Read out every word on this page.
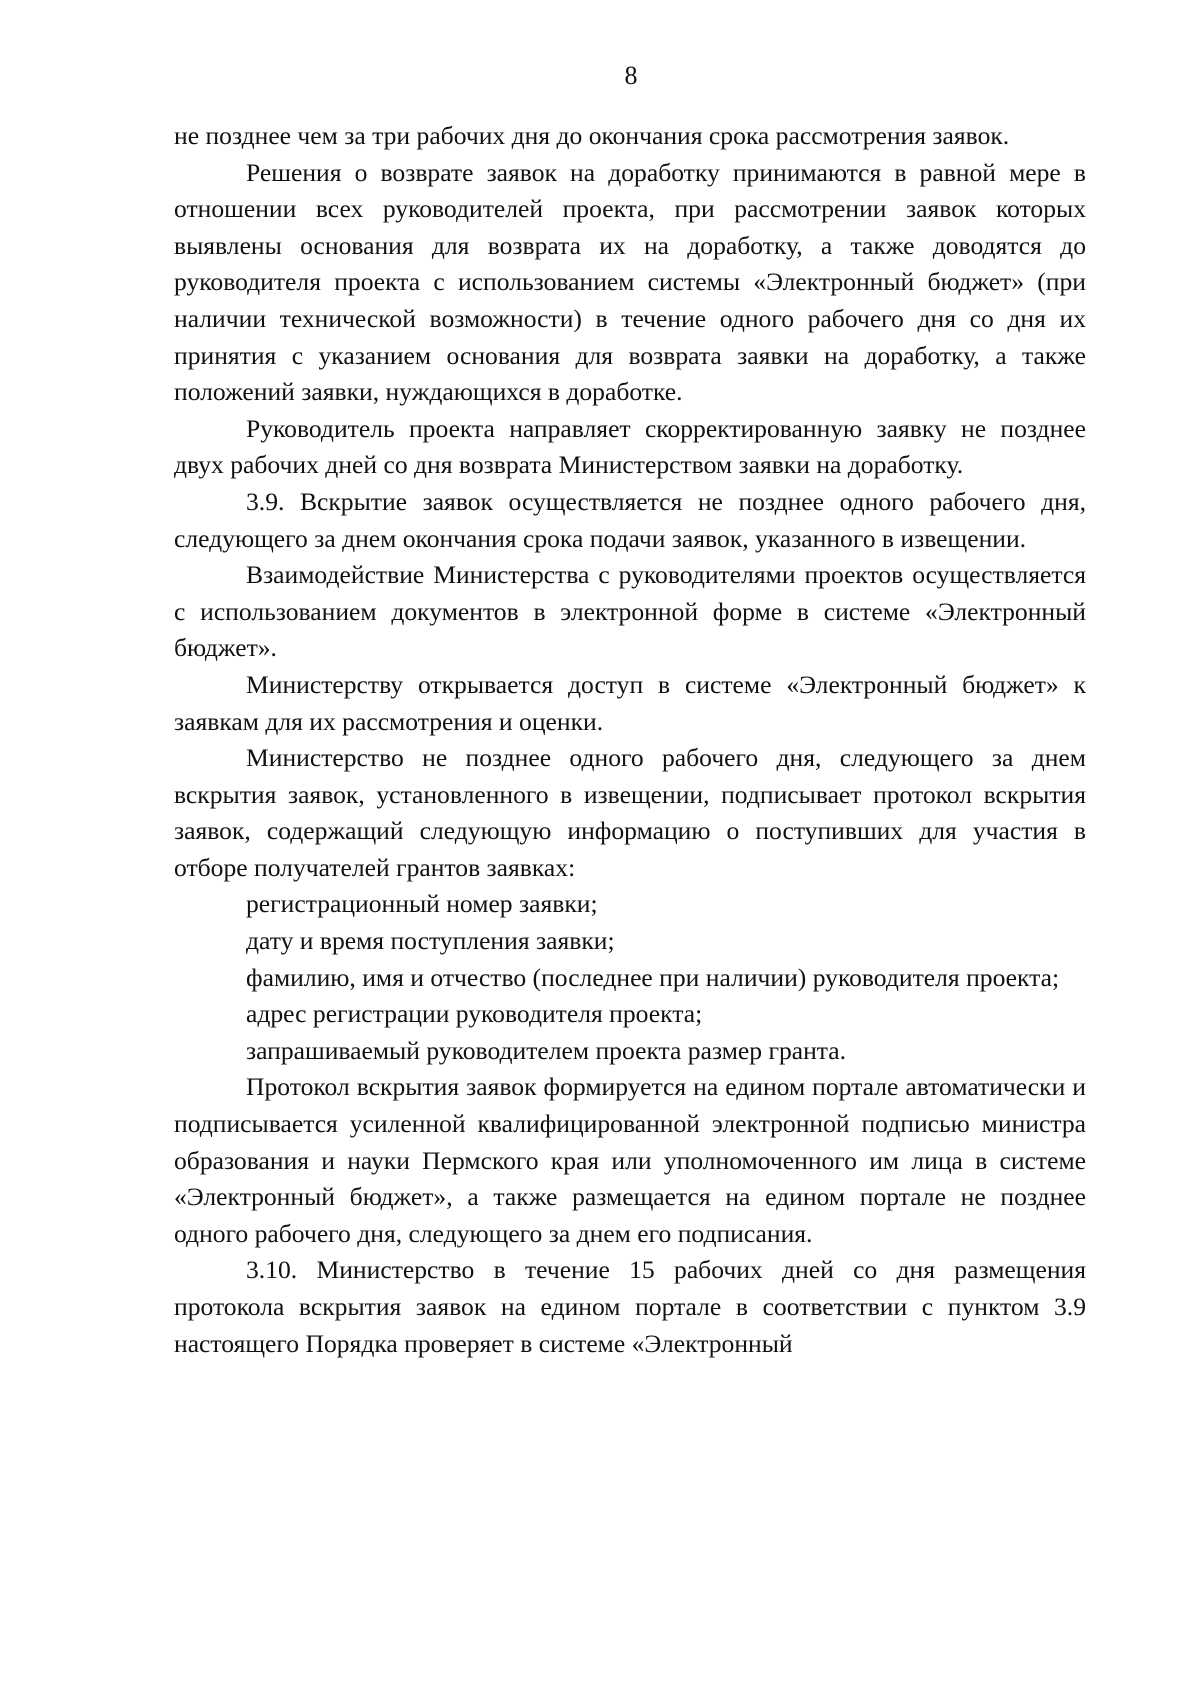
8

не позднее чем за три рабочих дня до окончания срока рассмотрения заявок.

Решения о возврате заявок на доработку принимаются в равной мере в отношении всех руководителей проекта, при рассмотрении заявок которых выявлены основания для возврата их на доработку, а также доводятся до руководителя проекта с использованием системы «Электронный бюджет» (при наличии технической возможности) в течение одного рабочего дня со дня их принятия с указанием основания для возврата заявки на доработку, а также положений заявки, нуждающихся в доработке.

Руководитель проекта направляет скорректированную заявку не позднее двух рабочих дней со дня возврата Министерством заявки на доработку.

3.9. Вскрытие заявок осуществляется не позднее одного рабочего дня, следующего за днем окончания срока подачи заявок, указанного в извещении.

Взаимодействие Министерства с руководителями проектов осуществляется с использованием документов в электронной форме в системе «Электронный бюджет».

Министерству открывается доступ в системе «Электронный бюджет» к заявкам для их рассмотрения и оценки.

Министерство не позднее одного рабочего дня, следующего за днем вскрытия заявок, установленного в извещении, подписывает протокол вскрытия заявок, содержащий следующую информацию о поступивших для участия в отборе получателей грантов заявках:

регистрационный номер заявки;

дату и время поступления заявки;

фамилию, имя и отчество (последнее при наличии) руководителя проекта;

адрес регистрации руководителя проекта;

запрашиваемый руководителем проекта размер гранта.

Протокол вскрытия заявок формируется на едином портале автоматически и подписывается усиленной квалифицированной электронной подписью министра образования и науки Пермского края или уполномоченного им лица в системе «Электронный бюджет», а также размещается на едином портале не позднее одного рабочего дня, следующего за днем его подписания.

3.10. Министерство в течение 15 рабочих дней со дня размещения протокола вскрытия заявок на едином портале в соответствии с пунктом 3.9 настоящего Порядка проверяет в системе «Электронный
